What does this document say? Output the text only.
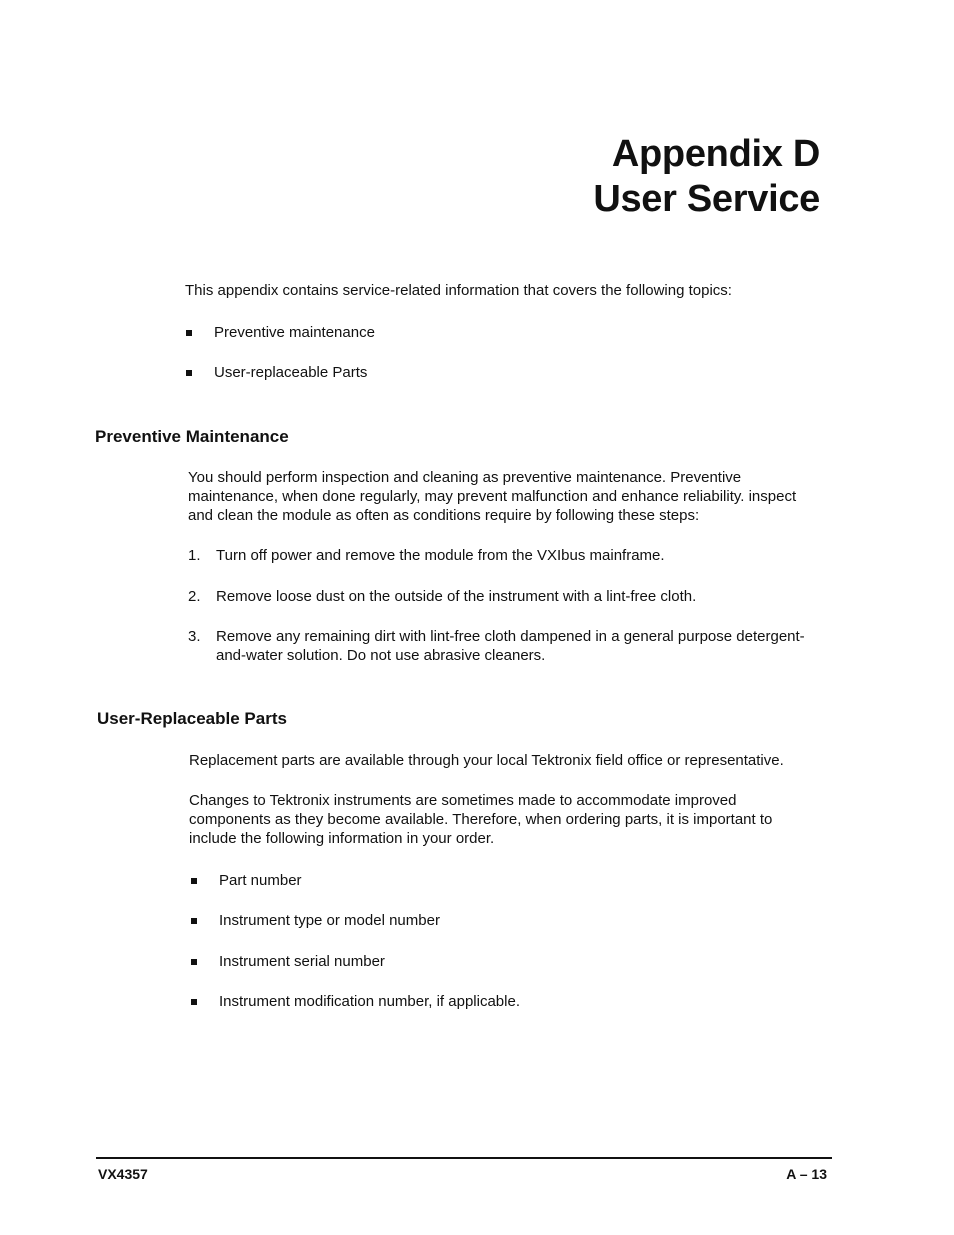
Appendix D
User Service

This appendix contains service-related information that covers the following topics:

Preventive maintenance
User-replaceable Parts
Preventive Maintenance

You should perform inspection and cleaning as preventive maintenance. Preventive maintenance, when done regularly, may prevent malfunction and enhance reliability. inspect and clean the module as often as conditions require by following these steps:

1. Turn off power and remove the module from the VXIbus mainframe.
2. Remove loose dust on the outside of the instrument with a lint-free cloth.
3. Remove any remaining dirt with lint-free cloth dampened in a general purpose detergent-and-water solution. Do not use abrasive cleaners.
User-Replaceable Parts

Replacement parts are available through your local Tektronix field office or representative.

Changes to Tektronix instruments are sometimes made to accommodate improved components as they become available. Therefore, when ordering parts, it is important to include the following information in your order.

Part number
Instrument type or model number
Instrument serial number
Instrument modification number, if applicable.
VX4357	A – 13
